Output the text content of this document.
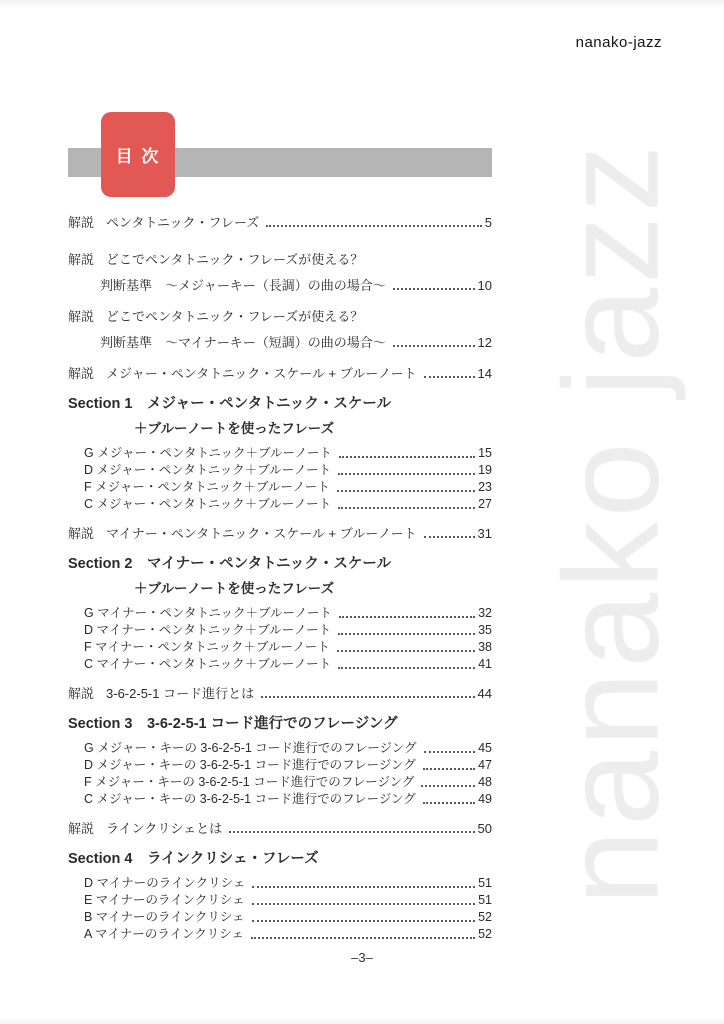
nanako jazz
nanako-jazz
目 次
解説 ペンタトニック・フレーズ	5
解説 どこでペンタトニック・フレーズが使える？
判断基準　～メジャーキー（長調）の曲の場合～	10
解説 どこでペンタトニック・フレーズが使える？
判断基準　～マイナーキー（短調）の曲の場合～	12
解説 メジャー・ペンタトニック・スケール + ブルーノート	14
Section 1　メジャー・ペンタトニック・スケール
＋ブルーノートを使ったフレーズ
G メジャー・ペンタトニック＋ブルーノート	15
D メジャー・ペンタトニック＋ブルーノート	19
F メジャー・ペンタトニック＋ブルーノート	23
C メジャー・ペンタトニック＋ブルーノート	27
解説 マイナー・ペンタトニック・スケール + ブルーノート	31
Section 2　マイナー・ペンタトニック・スケール
＋ブルーノートを使ったフレーズ
G マイナー・ペンタトニック＋ブルーノート	32
D マイナー・ペンタトニック＋ブルーノート	35
F マイナー・ペンタトニック＋ブルーノート	38
C マイナー・ペンタトニック＋ブルーノート	41
解説 3-6-2-5-1 コード進行とは	44
Section 3　3-6-2-5-1 コード進行でのフレージング
G メジャー・キーの 3-6-2-5-1 コード進行でのフレージング	45
D メジャー・キーの 3-6-2-5-1 コード進行でのフレージング	47
F メジャー・キーの 3-6-2-5-1 コード進行でのフレージング	48
C メジャー・キーの 3-6-2-5-1 コード進行でのフレージング	49
解説 ラインクリシェとは	50
Section 4　ラインクリシェ・フレーズ
D マイナーのラインクリシェ	51
E マイナーのラインクリシェ	51
B マイナーのラインクリシェ	52
A マイナーのラインクリシェ	52
–3–
